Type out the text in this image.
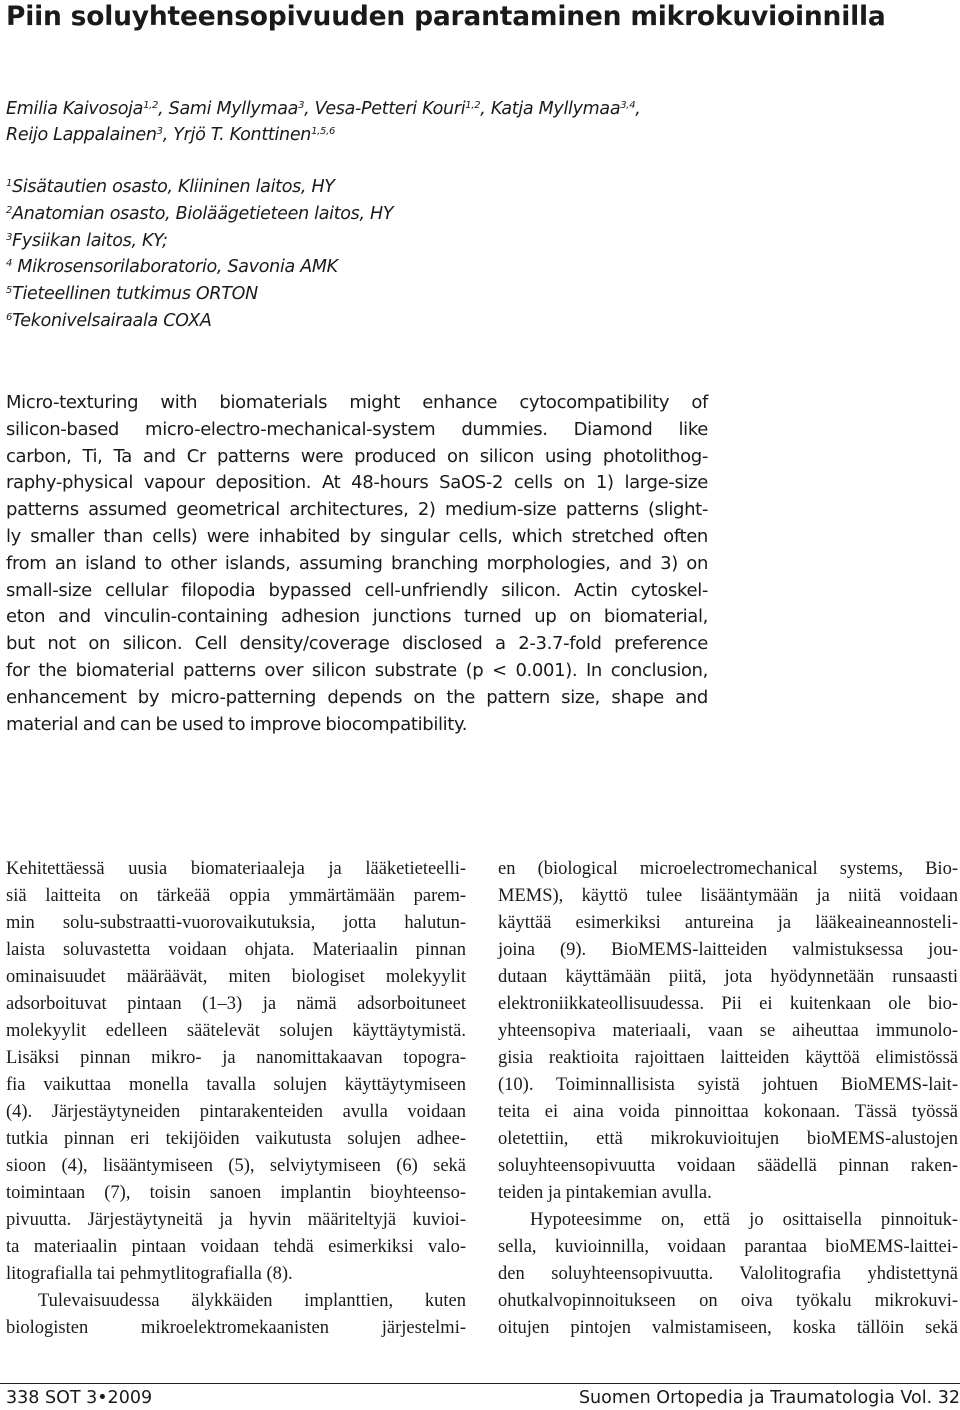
Piin soluyhteensopivuuden parantaminen mikrokuvioinnilla
Emilia Kaivosoja$^{1,2}$, Sami Myllymaa$^3$, Vesa-Petteri Kouri$^{1,2}$, Katja Myllymaa$^{3,4}$,
Reijo Lappalainen$^3$, Yrjö T. Konttinen$^{1,5,6}$
$^1$Sisätautien osasto, Kliininen laitos, HY
$^2$Anatomian osasto, Bioläägetieteen laitos, HY
$^3$Fysiikan laitos, KY;
$^4$ Mikrosensorilaboratorio, Savonia AMK
$^5$Tieteellinen tutkimus ORTON
$^6$Tekonivelsairaala COXA
Micro-texturing with biomaterials might enhance cytocompatibility of
silicon-based micro-electro-mechanical-system dummies. Diamond like
carbon, Ti, Ta and Cr patterns were produced on silicon using photolithog-
raphy-physical vapour deposition. At 48-hours SaOS-2 cells on 1) large-size
patterns assumed geometrical architectures, 2) medium-size patterns (slight-
ly smaller than cells) were inhabited by singular cells, which stretched often
from an island to other islands, assuming branching morphologies, and 3) on
small-size cellular filopodia bypassed cell-unfriendly silicon. Actin cytoskel-
eton and vinculin-containing adhesion junctions turned up on biomaterial,
but not on silicon. Cell density/coverage disclosed a 2-3.7-fold preference
for the biomaterial patterns over silicon substrate (p < 0.001). In conclusion,
enhancement by micro-patterning depends on the pattern size, shape and
material and can be used to improve biocompatibility.
Kehitettäessä uusia biomateriaaleja ja lääketieteelli-
siä laitteita on tärkeää oppia ymmärtämään parem-
min solu-substraatti-vuorovaikutuksia, jotta halutun-
laista soluvastetta voidaan ohjata. Materiaalin pinnan
ominaisuudet määräävät, miten biologiset molekyylit
adsorboituvat pintaan (1–3) ja nämä adsorboituneet
molekyylit edelleen säätelevät solujen käyttäytymistä.
Lisäksi pinnan mikro- ja nanomittakaavan topogra-
fia vaikuttaa monella tavalla solujen käyttäytymiseen
(4). Järjestäytyneiden pintarakenteiden avulla voidaan
tutkia pinnan eri tekijöiden vaikutusta solujen adhee-
sioon (4), lisääntymiseen (5), selviytymiseen (6) sekä
toimintaan (7), toisin sanoen implantin bioyhteenso-
pivuutta. Järjestäytyneitä ja hyvin määriteltyjä kuvioi-
ta materiaalin pintaan voidaan tehdä esimerkiksi valo-
litografialla tai pehmytlitografialla (8).
Tulevaisuudessa älykkäiden implanttien, kuten
biologisten mikroelektromekaanisten järjestelmi-
en (biological microelectromechanical systems, Bio-
MEMS), käyttö tulee lisääntymään ja niitä voidaan
käyttää esimerkiksi antureina ja lääkeaineannosteli-
joina (9). BioMEMS-laitteiden valmistuksessa jou-
dutaan käyttämään piitä, jota hyödynnetään runsaasti
elektroniikkateollisuudessa. Pii ei kuitenkaan ole bio-
yhteensopiva materiaali, vaan se aiheuttaa immunolo-
gisia reaktioita rajoittaen laitteiden käyttöä elimistössä
(10). Toiminnallisista syistä johtuen BioMEMS-lait-
teita ei aina voida pinnoittaa kokonaan. Tässä työssä
oletettiin, että mikrokuvioitujen bioMEMS-alustojen
soluyhteensopivuutta voidaan säädellä pinnan raken-
teiden ja pintakemian avulla.
Hypoteesimme on, että jo osittaisella pinnoituk-
sella, kuvioinnilla, voidaan parantaa bioMEMS-laittei-
den soluyhteensopivuutta. Valolitografia yhdistettynä
ohutkalvopinnoitukseen on oiva työkalu mikrokuvi-
oitujen pintojen valmistamiseen, koska tällöin sekä
338 SOT 3•2009	Suomen Ortopedia ja Traumatologia Vol. 32
